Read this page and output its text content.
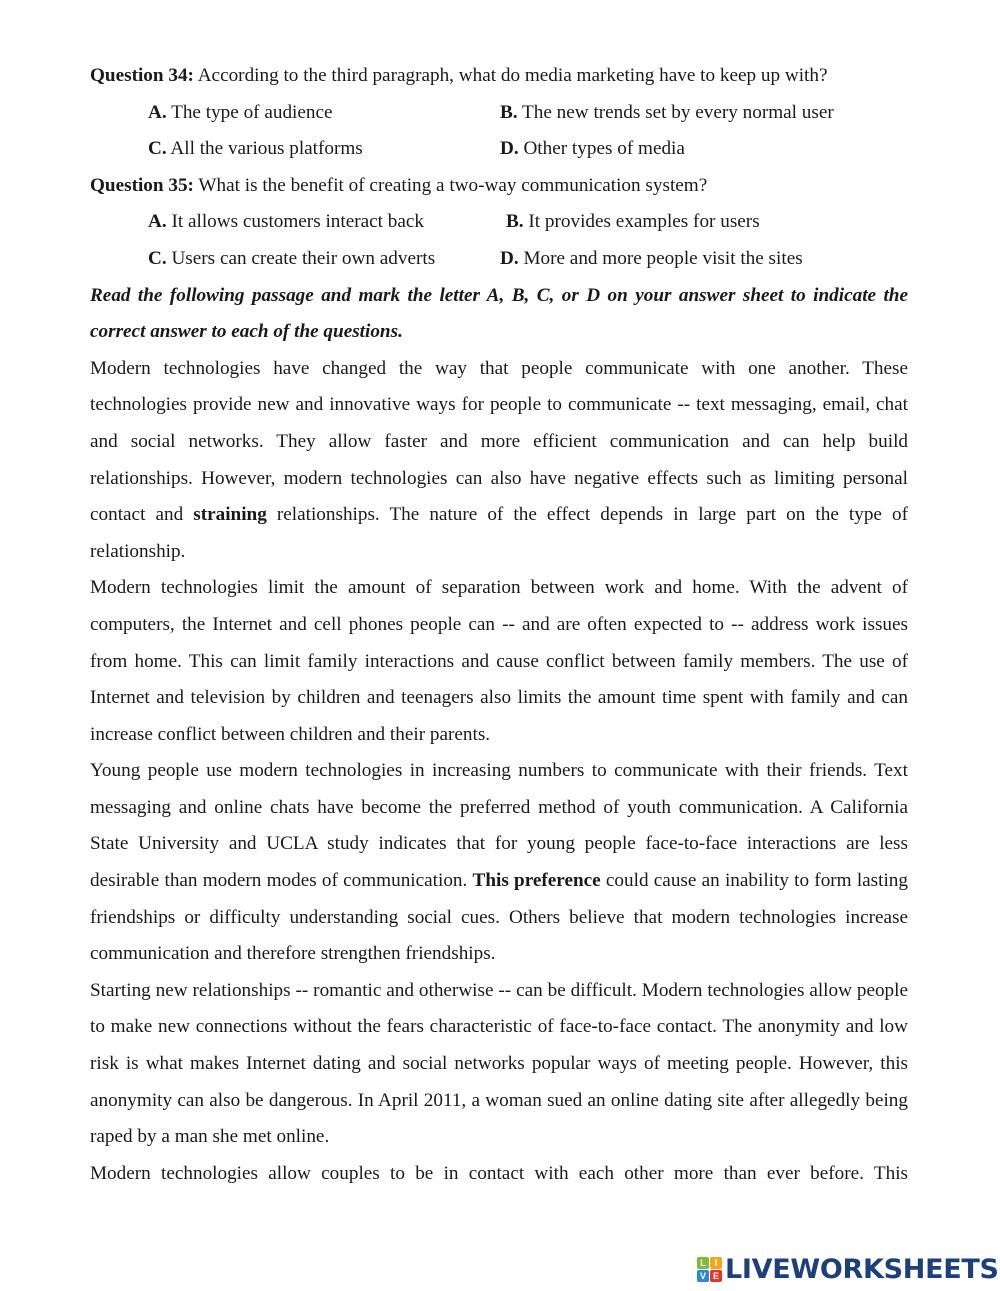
Question 34: According to the third paragraph, what do media marketing have to keep up with?
A. The type of audience	B. The new trends set by every normal user
C. All the various platforms	D. Other types of media
Question 35: What is the benefit of creating a two-way communication system?
A. It allows customers interact back	B. It provides examples for users
C. Users can create their own adverts	D. More and more people visit the sites
Read the following passage and mark the letter A, B, C, or D on your answer sheet to indicate the correct answer to each of the questions.

Modern technologies have changed the way that people communicate with one another. These technologies provide new and innovative ways for people to communicate -- text messaging, email, chat and social networks. They allow faster and more efficient communication and can help build relationships. However, modern technologies can also have negative effects such as limiting personal contact and straining relationships. The nature of the effect depends in large part on the type of relationship.

Modern technologies limit the amount of separation between work and home. With the advent of computers, the Internet and cell phones people can -- and are often expected to -- address work issues from home. This can limit family interactions and cause conflict between family members. The use of Internet and television by children and teenagers also limits the amount time spent with family and can increase conflict between children and their parents.

Young people use modern technologies in increasing numbers to communicate with their friends. Text messaging and online chats have become the preferred method of youth communication. A California State University and UCLA study indicates that for young people face-to-face interactions are less desirable than modern modes of communication. This preference could cause an inability to form lasting friendships or difficulty understanding social cues. Others believe that modern technologies increase communication and therefore strengthen friendships.

Starting new relationships -- romantic and otherwise -- can be difficult. Modern technologies allow people to make new connections without the fears characteristic of face-to-face contact. The anonymity and low risk is what makes Internet dating and social networks popular ways of meeting people. However, this anonymity can also be dangerous. In April 2011, a woman sued an online dating site after allegedly being raped by a man she met online.

Modern technologies allow couples to be in contact with each other more than ever before. This

L I
V E LIVEWORKSHEETS
